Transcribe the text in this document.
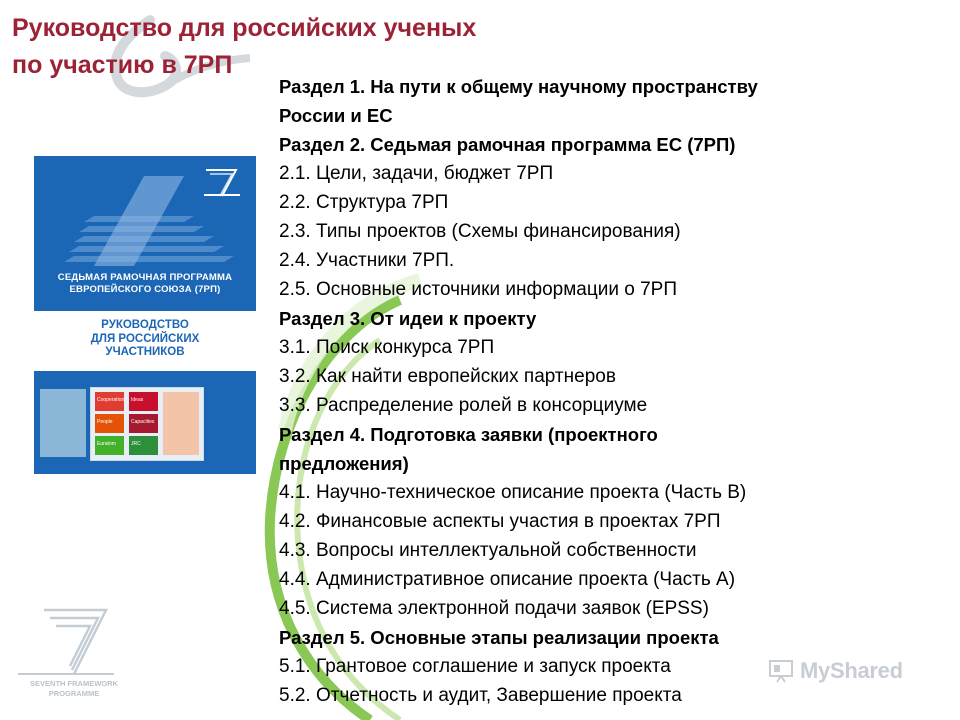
Руководство для российских ученых
по участию в 7РП
СЕДЬМАЯ РАМОЧНАЯ ПРОГРАММА
ЕВРОПЕЙСКОГО СОЮЗА (7РП)
РУКОВОДСТВО
ДЛЯ РОССИЙСКИХ
УЧАСТНИКОВ
Cooperation Ideas
People	Capacities
Euratom	JRC
SEVENTH FRAMEWORK
PROGRAMME
Раздел 1. На пути к общему научному пространству
России и ЕС
Раздел 2. Седьмая рамочная программа ЕС (7РП)
2.1. Цели, задачи, бюджет 7РП
2.2. Структура 7РП
2.3. Типы проектов (Схемы финансирования)
2.4. Участники 7РП.
2.5. Основные источники информации о 7РП
Раздел 3. От идеи к проекту
3.1. Поиск конкурса 7РП
3.2. Как найти европейских партнеров
3.3. Распределение ролей в консорциуме
Раздел 4. Подготовка заявки (проектного
предложения)
4.1. Научно-техническое описание проекта (Часть В)
4.2. Финансовые аспекты участия в проектах 7РП
4.3. Вопросы интеллектуальной собственности
4.4. Административное описание проекта (Часть А)
4.5. Система электронной подачи заявок (EPSS)
Раздел 5. Основные этапы реализации проекта
5.1. Грантовое соглашение и запуск проекта
5.2. Отчетность и аудит, Завершение проекта
MyShared
